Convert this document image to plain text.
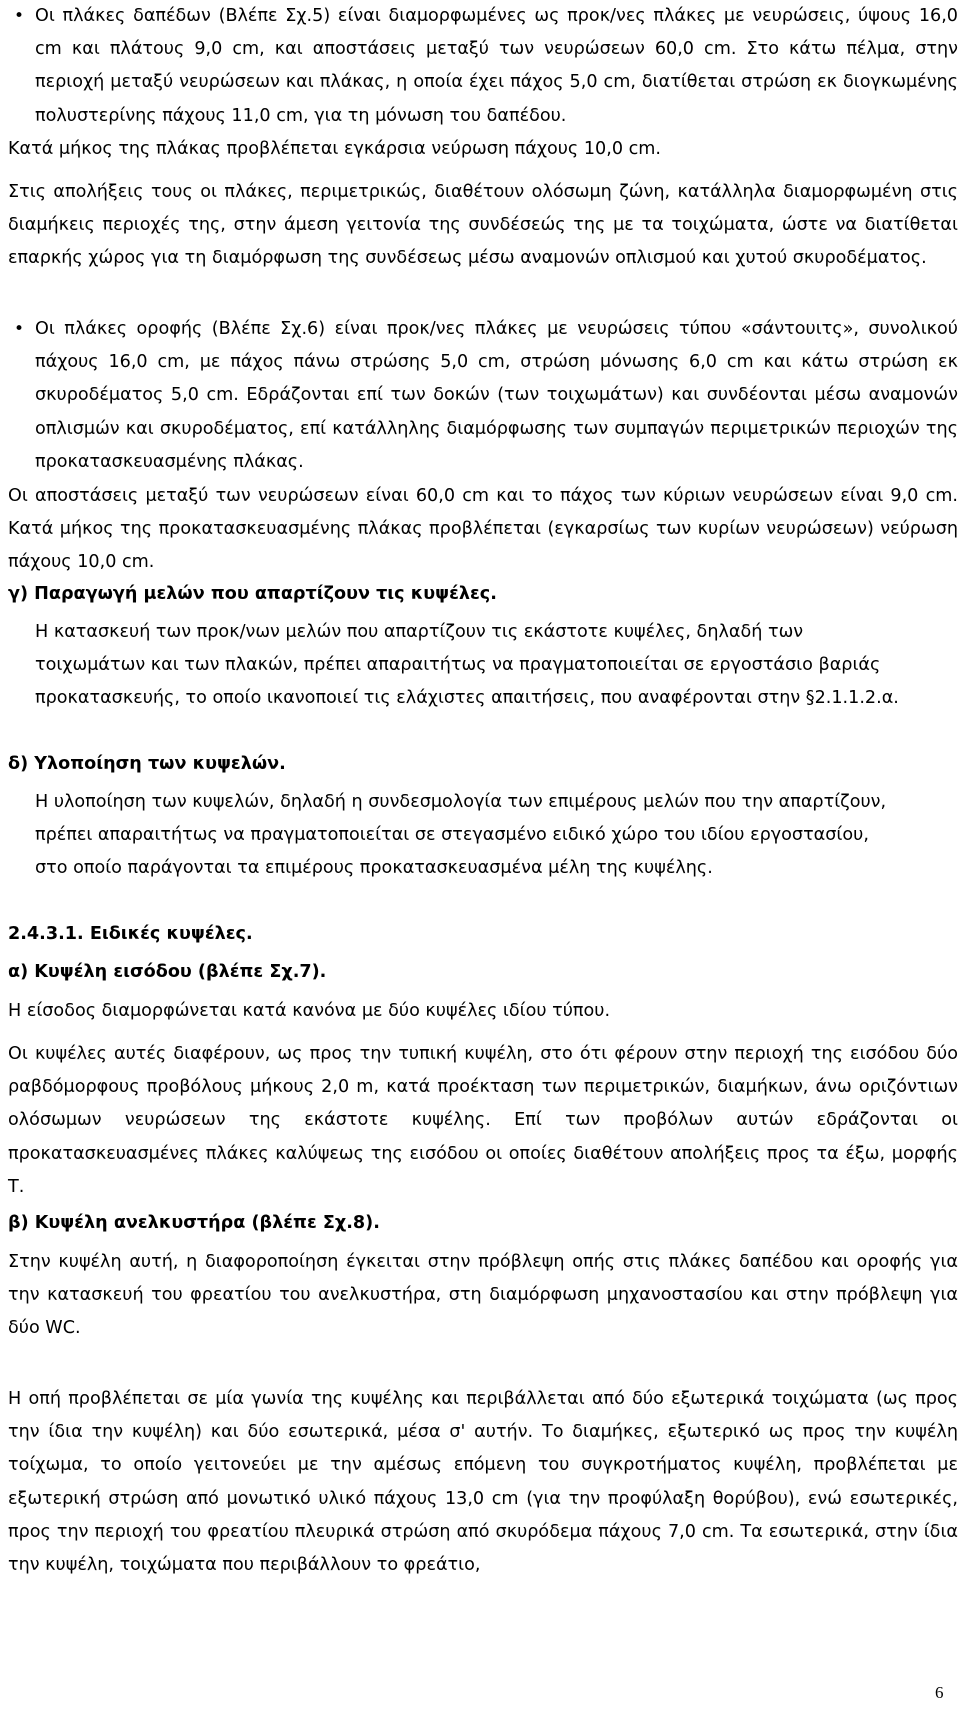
• Οι πλάκες δαπέδων (Βλέπε Σχ.5) είναι διαμορφωμένες ως προκ/νες πλάκες με νευρώσεις, ύψους 16,0 cm και πλάτους 9,0 cm, και αποστάσεις μεταξύ των νευρώσεων 60,0 cm. Στο κάτω πέλμα, στην περιοχή μεταξύ νευρώσεων και πλάκας, η οποία έχει πάχος 5,0 cm, διατίθεται στρώση εκ διογκωμένης πολυστερίνης πάχους 11,0 cm, για τη μόνωση του δαπέδου.

Κατά μήκος της πλάκας προβλέπεται εγκάρσια νεύρωση πάχους 10,0 cm.

Στις απολήξεις τους οι πλάκες, περιμετρικώς, διαθέτουν ολόσωμη ζώνη, κατάλληλα διαμορφωμένη στις διαμήκεις περιοχές της, στην άμεση γειτονία της συνδέσεώς της με τα τοιχώματα, ώστε να διατίθεται επαρκής χώρος για τη διαμόρφωση της συνδέσεως μέσω αναμονών οπλισμού και χυτού σκυροδέματος.

• Οι πλάκες οροφής (Βλέπε Σχ.6) είναι προκ/νες πλάκες με νευρώσεις τύπου «σάντουιτς», συνολικού πάχους 16,0 cm, με πάχος πάνω στρώσης 5,0 cm, στρώση μόνωσης 6,0 cm και κάτω στρώση εκ σκυροδέματος 5,0 cm. Εδράζονται επί των δοκών (των τοιχωμάτων) και συνδέονται μέσω αναμονών οπλισμών και σκυροδέματος, επί κατάλληλης διαμόρφωσης των συμπαγών περιμετρικών περιοχών της προκατασκευασμένης πλάκας.

Οι αποστάσεις μεταξύ των νευρώσεων είναι 60,0 cm και το πάχος των κύριων νευρώσεων είναι 9,0 cm. Κατά μήκος της προκατασκευασμένης πλάκας προβλέπεται (εγκαρσίως των κυρίων νευρώσεων) νεύρωση πάχους 10,0 cm.

γ) Παραγωγή μελών που απαρτίζουν τις κυψέλες.

Η κατασκευή των προκ/νων μελών που απαρτίζουν τις εκάστοτε κυψέλες, δηλαδή των τοιχωμάτων και των πλακών, πρέπει απαραιτήτως να πραγματοποιείται σε εργοστάσιο βαριάς προκατασκευής, το οποίο ικανοποιεί τις ελάχιστες απαιτήσεις, που αναφέρονται στην §2.1.1.2.α.

δ) Υλοποίηση των κυψελών.

Η υλοποίηση των κυψελών, δηλαδή η συνδεσμολογία των επιμέρους μελών που την απαρτίζουν, πρέπει απαραιτήτως να πραγματοποιείται σε στεγασμένο ειδικό χώρο του ιδίου εργοστασίου, στο οποίο παράγονται τα επιμέρους προκατασκευασμένα μέλη της κυψέλης.

2.4.3.1. Ειδικές κυψέλες.

α) Κυψέλη εισόδου (βλέπε Σχ.7).

Η είσοδος διαμορφώνεται κατά κανόνα με δύο κυψέλες ιδίου τύπου.

Οι κυψέλες αυτές διαφέρουν, ως προς την τυπική κυψέλη, στο ότι φέρουν στην περιοχή της εισόδου δύο ραβδόμορφους προβόλους μήκους 2,0 m, κατά προέκταση των περιμετρικών, διαμήκων, άνω οριζόντιων ολόσωμων νευρώσεων της εκάστοτε κυψέλης. Επί των προβόλων αυτών εδράζονται οι προκατασκευασμένες πλάκες καλύψεως της εισόδου οι οποίες διαθέτουν απολήξεις προς τα έξω, μορφής Τ.

β) Κυψέλη ανελκυστήρα (βλέπε Σχ.8).

Στην κυψέλη αυτή, η διαφοροποίηση έγκειται στην πρόβλεψη οπής στις πλάκες δαπέδου και οροφής για την κατασκευή του φρεατίου του ανελκυστήρα, στη διαμόρφωση μηχανοστασίου και στην πρόβλεψη για δύο WC.

Η οπή προβλέπεται σε μία γωνία της κυψέλης και περιβάλλεται από δύο εξωτερικά τοιχώματα (ως προς την ίδια την κυψέλη) και δύο εσωτερικά, μέσα σ' αυτήν. Το διαμήκες, εξωτερικό ως προς την κυψέλη τοίχωμα, το οποίο γειτονεύει με την αμέσως επόμενη του συγκροτήματος κυψέλη, προβλέπεται με εξωτερική στρώση από μονωτικό υλικό πάχους 13,0 cm (για την προφύλαξη θορύβου), ενώ εσωτερικές, προς την περιοχή του φρεατίου πλευρικά στρώση από σκυρόδεμα πάχους 7,0 cm. Τα εσωτερικά, στην ίδια την κυψέλη, τοιχώματα που περιβάλλουν το φρεάτιο,

6
